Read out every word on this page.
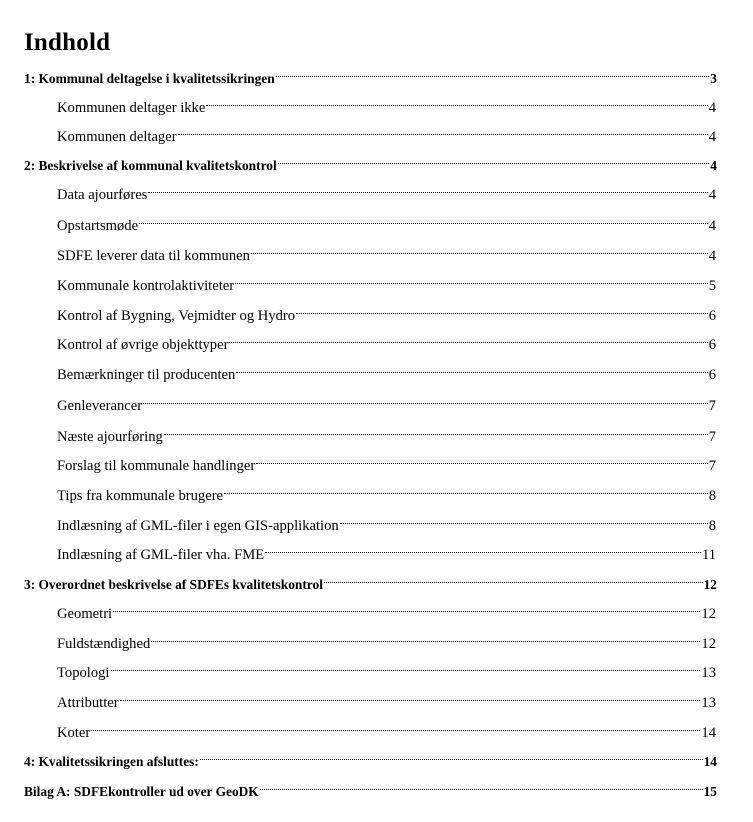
Indhold
1: Kommunal deltagelse i kvalitetssikringen	3
Kommunen deltager ikke	4
Kommunen deltager	4
2: Beskrivelse af kommunal kvalitetskontrol	4
Data ajourføres	4
Opstartsmøde	4
SDFE leverer data til kommunen	4
Kommunale kontrolaktiviteter	5
Kontrol af Bygning, Vejmidter og Hydro	6
Kontrol af øvrige objekttyper	6
Bemærkninger til producenten	6
Genleverancer	7
Næste ajourføring	7
Forslag til kommunale handlinger	7
Tips fra kommunale brugere	8
Indlæsning af GML-filer i egen GIS-applikation	8
Indlæsning af GML-filer vha. FME	11
3: Overordnet beskrivelse af SDFEs kvalitetskontrol	12
Geometri	12
Fuldstændighed	12
Topologi	13
Attributter	13
Koter	14
4: Kvalitetssikringen afsluttes:	14
Bilag A: SDFEkontroller ud over GeoDK	15
